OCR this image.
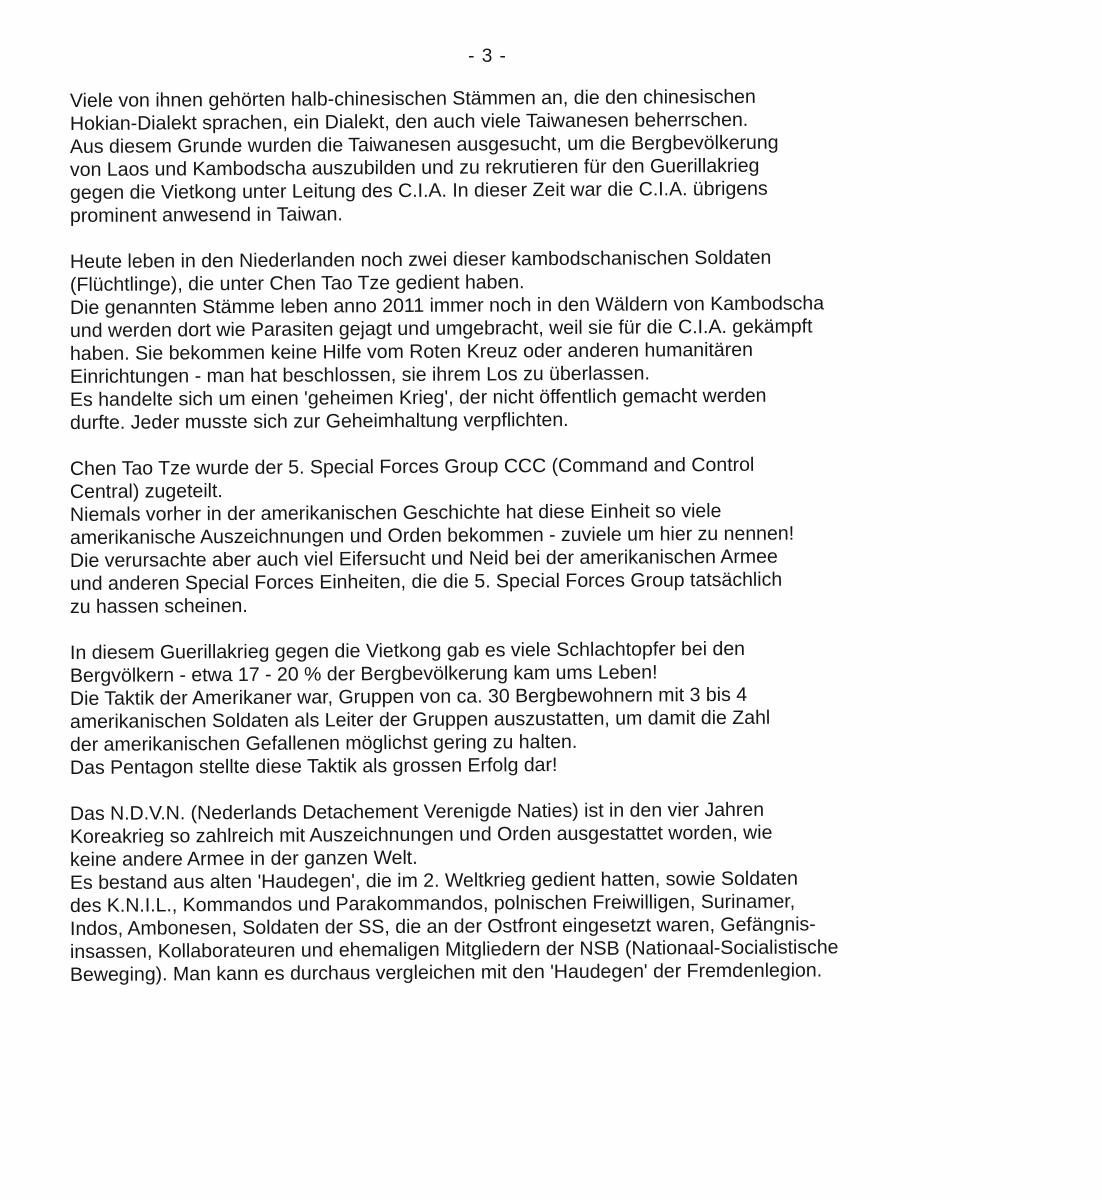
- 3 -
Viele von ihnen gehörten halb-chinesischen Stämmen an, die den chinesischen
Hokian-Dialekt sprachen, ein Dialekt, den auch viele Taiwanesen beherrschen.
Aus diesem Grunde wurden die Taiwanesen ausgesucht, um die Bergbevölkerung
von Laos und Kambodscha auszubilden und zu rekrutieren für den Guerillakrieg
gegen die Vietkong unter Leitung des C.I.A. In dieser Zeit war die C.I.A. übrigens
prominent anwesend in Taiwan.
Heute leben in den Niederlanden noch zwei dieser kambodschanischen Soldaten
(Flüchtlinge), die unter Chen Tao Tze gedient haben.
Die genannten Stämme leben anno 2011 immer noch in den Wäldern von Kambodscha
und werden dort wie Parasiten gejagt und umgebracht, weil sie für die C.I.A. gekämpft
haben. Sie bekommen keine Hilfe vom Roten Kreuz oder anderen humanitären
Einrichtungen - man hat beschlossen, sie ihrem Los zu überlassen.
Es handelte sich um einen 'geheimen Krieg', der nicht öffentlich gemacht werden
durfte. Jeder musste sich zur Geheimhaltung verpflichten.
Chen Tao Tze wurde der 5. Special Forces Group CCC (Command and Control
Central) zugeteilt.
Niemals vorher in der amerikanischen Geschichte hat diese Einheit so viele
amerikanische Auszeichnungen und Orden bekommen - zuviele um hier zu nennen!
Die verursachte aber auch viel Eifersucht und Neid bei der amerikanischen Armee
und anderen Special Forces Einheiten, die die 5. Special Forces Group tatsächlich
zu hassen scheinen.
In diesem Guerillakrieg gegen die Vietkong gab es viele Schlachtopfer bei den
Bergvölkern - etwa 17 - 20 % der Bergbevölkerung kam ums Leben!
Die Taktik der Amerikaner war, Gruppen von ca. 30 Bergbewohnern mit 3 bis 4
amerikanischen Soldaten als Leiter der Gruppen auszustatten, um damit die Zahl
der amerikanischen Gefallenen möglichst gering zu halten.
Das Pentagon stellte diese Taktik als grossen Erfolg dar!
Das N.D.V.N. (Nederlands Detachement Verenigde Naties) ist in den vier Jahren
Koreakrieg so zahlreich mit Auszeichnungen und Orden ausgestattet worden, wie
keine andere Armee in der ganzen Welt.
Es bestand aus alten 'Haudegen', die im 2. Weltkrieg gedient hatten, sowie Soldaten
des K.N.I.L., Kommandos und Parakommandos, polnischen Freiwilligen, Surinamer,
Indos, Ambonesen, Soldaten der SS, die an der Ostfront eingesetzt waren, Gefängnis-
insassen, Kollaborateuren und ehemaligen Mitgliedern der NSB (Nationaal-Socialistische
Beweging). Man kann es durchaus vergleichen mit den 'Haudegen' der Fremdenlegion.
